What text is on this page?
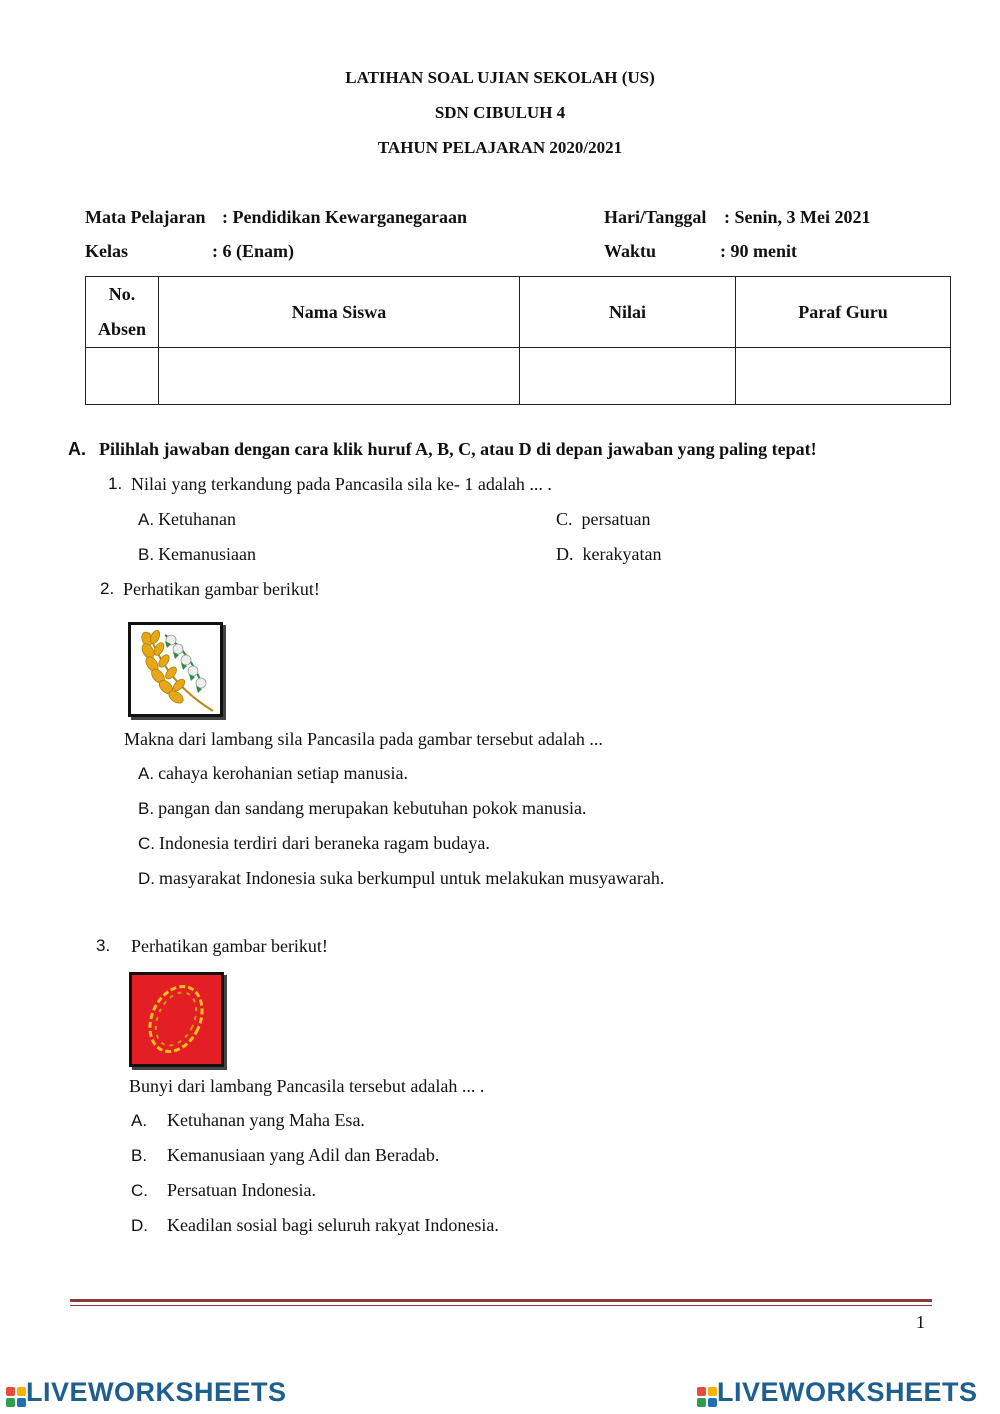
LATIHAN SOAL UJIAN SEKOLAH (US)
SDN CIBULUH 4
TAHUN PELAJARAN 2020/2021
Mata Pelajaran : Pendidikan Kewarganegaraan
Kelas	: 6 (Enam)
Hari/Tanggal : Senin, 3 Mei 2021
Waktu	: 90 menit
No.
Absen	Nama Siswa	Nilai	Paraf Guru

A. Pilihlah jawaban dengan cara klik huruf A, B, C, atau D di depan jawaban yang paling tepat!
1. Nilai yang terkandung pada Pancasila sila ke- 1 adalah ... .
A. Ketuhanan
B. Kemanusiaan
C. persatuan
D. kerakyatan
2. Perhatikan gambar berikut!
Makna dari lambang sila Pancasila pada gambar tersebut adalah ...
A. cahaya kerohanian setiap manusia.
B. pangan dan sandang merupakan kebutuhan pokok manusia.
C. Indonesia terdiri dari beraneka ragam budaya.
D. masyarakat Indonesia suka berkumpul untuk melakukan musyawarah.
3. Perhatikan gambar berikut!
Bunyi dari lambang Pancasila tersebut adalah ... .
A. Ketuhanan yang Maha Esa.
B. Kemanusiaan yang Adil dan Beradab.
C. Persatuan Indonesia.
D. Keadilan sosial bagi seluruh rakyat Indonesia.
1
LIVEWORKSHEETS	LIVEWORKSHEETS
